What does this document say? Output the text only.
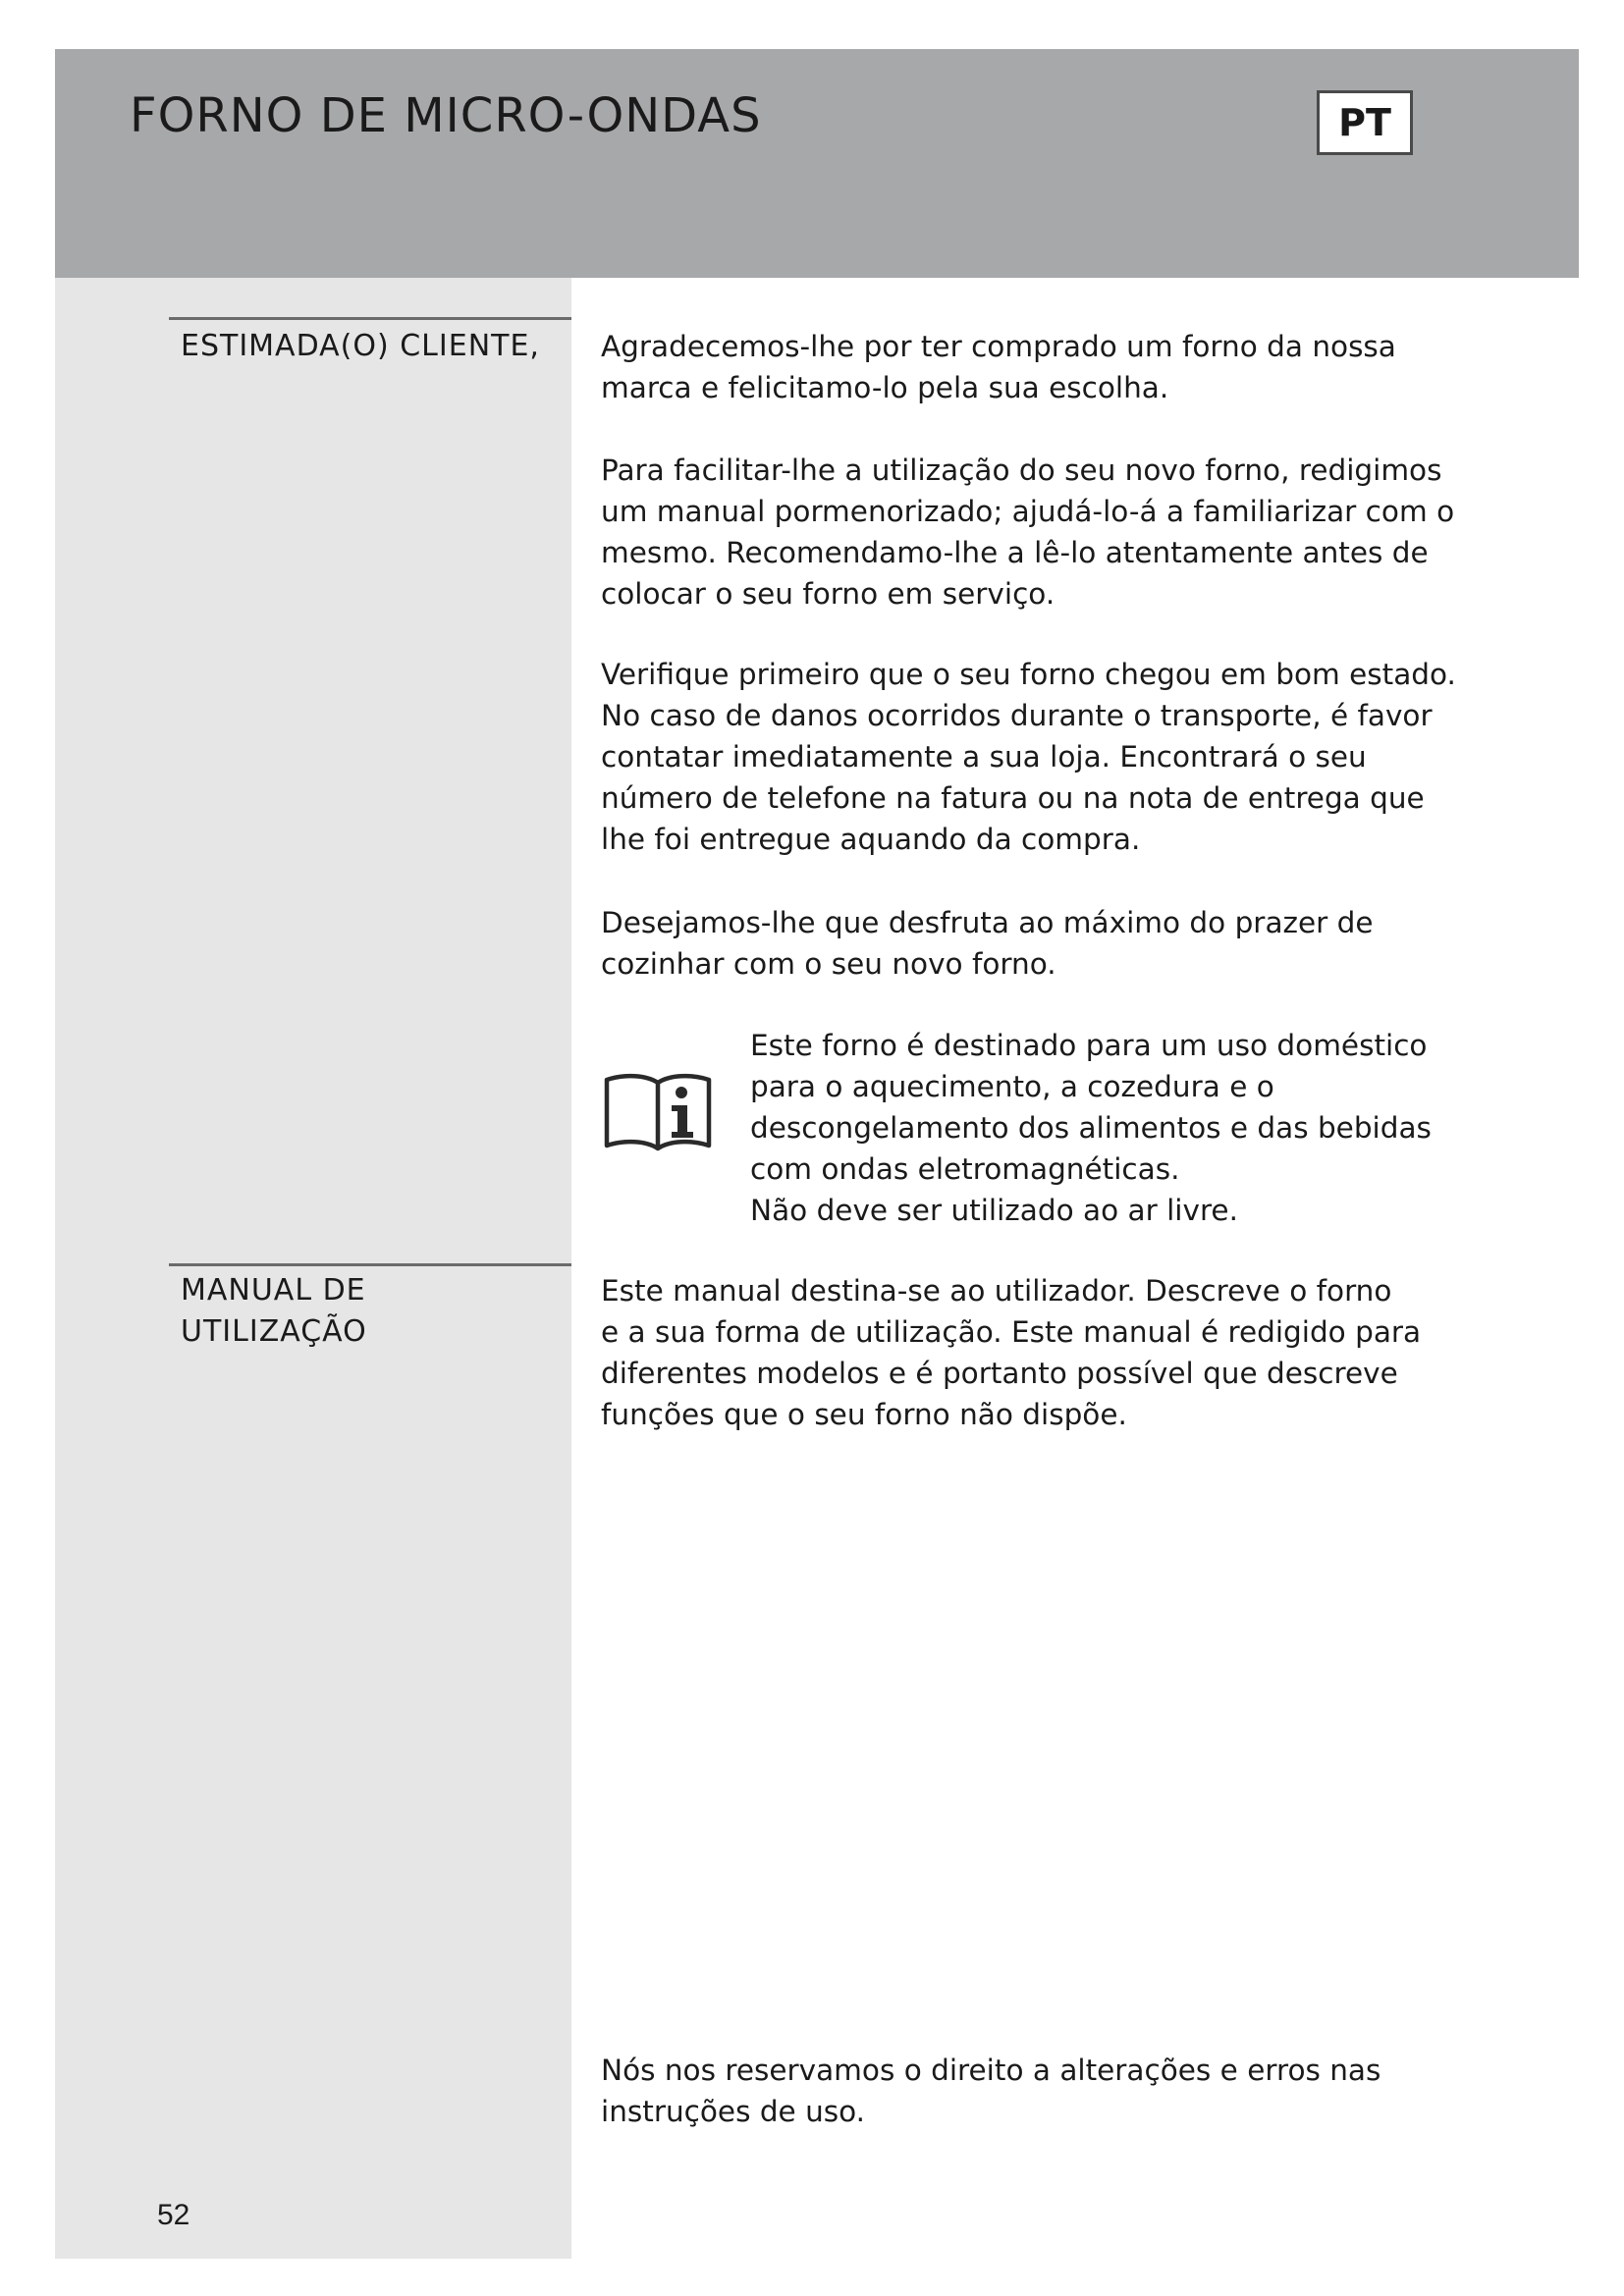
FORNO DE MICRO-ONDAS	PT
ESTIMADA(O) CLIENTE, Agradecemos-lhe por ter comprado um forno da nossa
marca e felicitamo-lo pela sua escolha.
Para facilitar-lhe a utilização do seu novo forno, redigimos
um manual pormenorizado; ajudá-lo-á a familiarizar com o
mesmo. Recomendamo-lhe a lê-lo atentamente antes de
colocar o seu forno em serviço.
Verifique primeiro que o seu forno chegou em bom estado.
No caso de danos ocorridos durante o transporte, é favor
contatar imediatamente a sua loja. Encontrará o seu
número de telefone na fatura ou na nota de entrega que
lhe foi entregue aquando da compra.
Desejamos-lhe que desfruta ao máximo do prazer de
cozinhar com o seu novo forno.
Este forno é destinado para um uso doméstico
para o aquecimento, a cozedura e o
descongelamento dos alimentos e das bebidas
com ondas eletromagnéticas.
Não deve ser utilizado ao ar livre.
MANUAL DE
UTILIZAÇÃO
Este manual destina-se ao utilizador. Descreve o forno
e a sua forma de utilização. Este manual é redigido para
diferentes modelos e é portanto possível que descreve
funções que o seu forno não dispõe.
Nós nos reservamos o direito a alterações e erros nas
instruções de uso.
52
